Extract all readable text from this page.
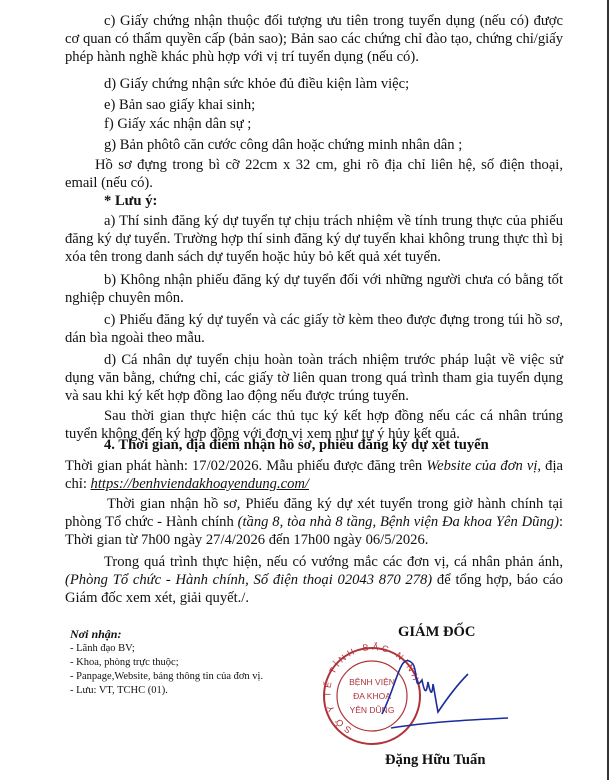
c) Giấy chứng nhận thuộc đối tượng ưu tiên trong tuyển dụng (nếu có) được cơ quan có thẩm quyền cấp (bản sao); Bản sao các chứng chỉ đào tạo, chứng chỉ/giấy phép hành nghề khác phù hợp với vị trí tuyển dụng (nếu có).

d) Giấy chứng nhận sức khỏe đủ điều kiện làm việc;

e) Bản sao giấy khai sinh;

f) Giấy xác nhận dân sự ;

g) Bản phôtô căn cước công dân hoặc chứng minh nhân dân ;

Hồ sơ đựng trong bì cỡ 22cm x 32 cm, ghi rõ địa chỉ liên hệ, số điện thoại, email (nếu có).

* Lưu ý:

a) Thí sinh đăng ký dự tuyển tự chịu trách nhiệm về tính trung thực của phiếu đăng ký dự tuyển. Trường hợp thí sinh đăng ký dự tuyển khai không trung thực thì bị xóa tên trong danh sách dự tuyển hoặc hủy bỏ kết quả xét tuyển.

b) Không nhận phiếu đăng ký dự tuyển đối với những người chưa có bằng tốt nghiệp chuyên môn.

c) Phiếu đăng ký dự tuyển và các giấy tờ kèm theo được đựng trong túi hồ sơ, dán bìa ngoài theo mẫu.

d) Cá nhân dự tuyển chịu hoàn toàn trách nhiệm trước pháp luật về việc sử dụng văn bằng, chứng chỉ, các giấy tờ liên quan trong quá trình tham gia tuyển dụng và sau khi ký kết hợp đồng lao động nếu được trúng tuyển.

Sau thời gian thực hiện các thủ tục ký kết hợp đồng nếu các cá nhân trúng tuyển không đến ký hợp đồng với đơn vị xem như tự ý hủy kết quả.

4. Thời gian, địa điểm nhận hồ sơ, phiếu đăng ký dự xét tuyển

Thời gian phát hành: 17/02/2026. Mẫu phiếu được đăng trên Website của đơn vị, địa chỉ: https://benhviendakhoayendung.com/

Thời gian nhận hồ sơ, Phiếu đăng ký dự xét tuyển trong giờ hành chính tại phòng Tổ chức - Hành chính (tầng 8, tòa nhà 8 tầng, Bệnh viện Đa khoa Yên Dũng): Thời gian từ 7h00 ngày 27/4/2026 đến 17h00 ngày 06/5/2026.

Trong quá trình thực hiện, nếu có vướng mắc các đơn vị, cá nhân phản ánh, (Phòng Tổ chức - Hành chính, Số điện thoại 02043 870 278) để tổng hợp, báo cáo Giám đốc xem xét, giải quyết./.

Nơi nhận:
- Lãnh đạo BV;
- Khoa, phòng trực thuộc;
- Panpage,Website, bảng thông tin của đơn vị.
- Lưu: VT, TCHC (01).
GIÁM ĐỐC
SỞ Y TẾ TỈNH BẮC NINH
BỆNH VIỆN
ĐA KHOA
YÊN DŨNG
Đặng Hữu Tuấn
